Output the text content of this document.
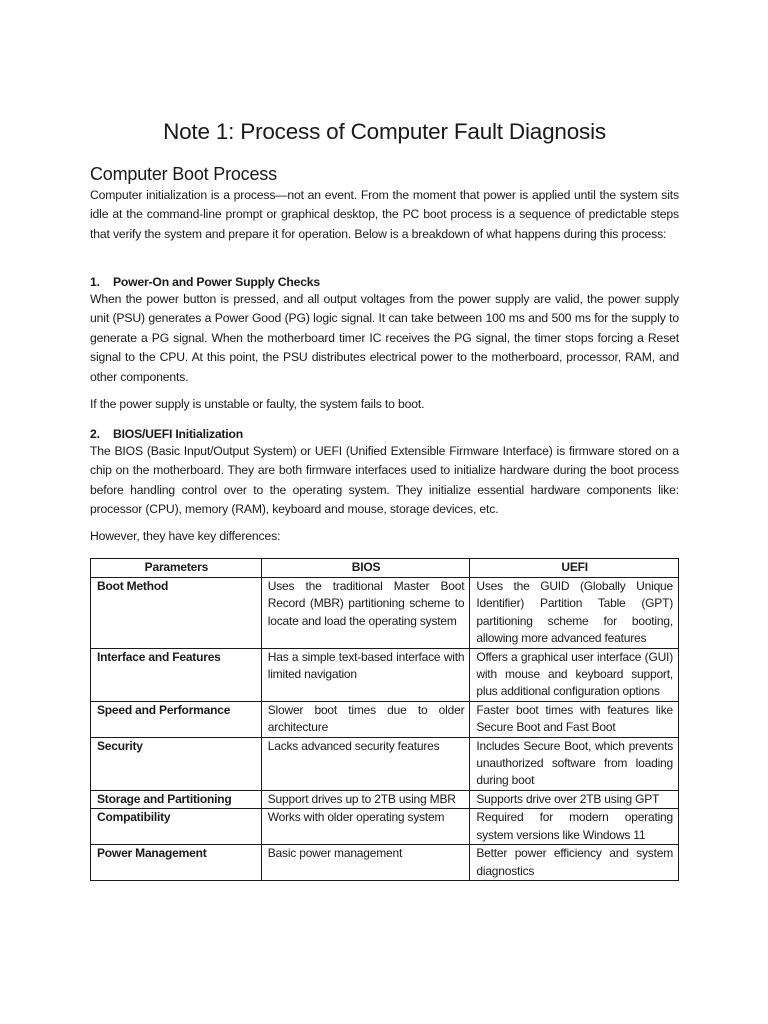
Note 1: Process of Computer Fault Diagnosis
Computer Boot Process

Computer initialization is a process—not an event. From the moment that power is applied until the system sits idle at the command-line prompt or graphical desktop, the PC boot process is a sequence of predictable steps that verify the system and prepare it for operation. Below is a breakdown of what happens during this process:

1. Power-On and Power Supply Checks

When the power button is pressed, and all output voltages from the power supply are valid, the power supply unit (PSU) generates a Power Good (PG) logic signal. It can take between 100 ms and 500 ms for the supply to generate a PG signal. When the motherboard timer IC receives the PG signal, the timer stops forcing a Reset signal to the CPU. At this point, the PSU distributes electrical power to the motherboard, processor, RAM, and other components.

If the power supply is unstable or faulty, the system fails to boot.

2. BIOS/UEFI Initialization

The BIOS (Basic Input/Output System) or UEFI (Unified Extensible Firmware Interface) is firmware stored on a chip on the motherboard. They are both firmware interfaces used to initialize hardware during the boot process before handling control over to the operating system. They initialize essential hardware components like: processor (CPU), memory (RAM), keyboard and mouse, storage devices, etc.

However, they have key differences:

Parameters	BIOS	UEFI
Boot Method	Uses the traditional Master Boot Record (MBR) partitioning scheme to locate and load the operating system	Uses the GUID (Globally Unique Identifier) Partition Table (GPT) partitioning scheme for booting, allowing more advanced features
Interface and Features	Has a simple text-based interface with limited navigation	Offers a graphical user interface (GUI) with mouse and keyboard support, plus additional configuration options
Speed and Performance	Slower boot times due to older architecture	Faster boot times with features like Secure Boot and Fast Boot
Security	Lacks advanced security features	Includes Secure Boot, which prevents unauthorized software from loading during boot
Storage and Partitioning	Support drives up to 2TB using MBR	Supports drive over 2TB using GPT
Compatibility	Works with older operating system	Required for modern operating system versions like Windows 11
Power Management	Basic power management	Better power efficiency and system diagnostics
